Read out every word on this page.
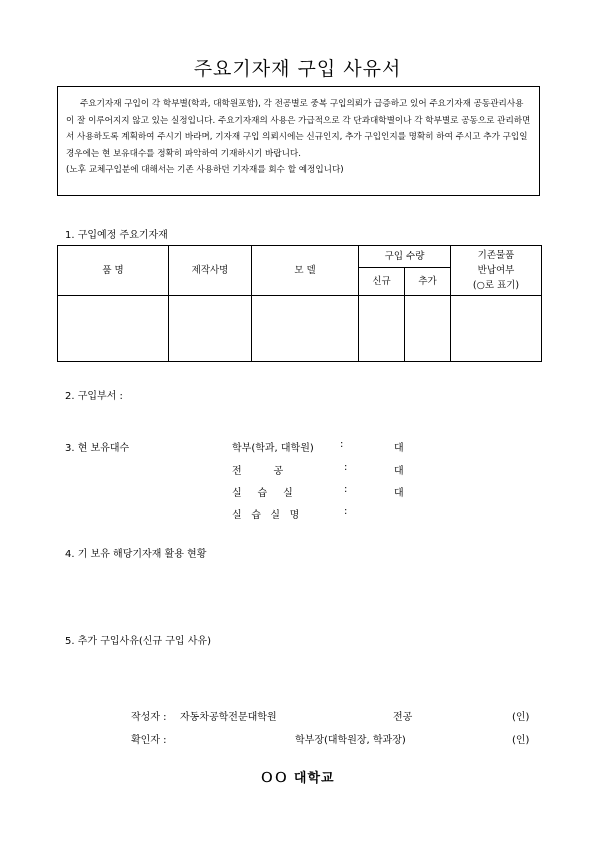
주요기자재 구입 사유서

주요기자재 구입이 각 학부별(학과, 대학원포함), 각 전공별로 중복 구입의뢰가 급증하고 있어 주요기자재 공동관리사용이 잘 이루어지지 않고 있는 실정입니다. 주요기자재의 사용은 가급적으로 각 단과대학별이나 각 학부별로 공동으로 관리하면서 사용하도록 계획하여 주시기 바라며, 기자재 구입 의뢰시에는 신규인지, 추가 구입인지를 명확히 하여 주시고 추가 구입일 경우에는 현 보유대수를 정확히 파악하여 기재하시기 바랍니다.

(노후 교체구입분에 대해서는 기존 사용하던 기자재를 회수 할 예정입니다)

1. 구입예정 주요기자재
품 명	제작사명	모 델	구입 수량		기존물품
반납여부
(○로 표기)

			신규	추가	

2. 구입부서 :
3. 현 보유대수	학부(학과, 대학원)	:	대
전          공	:	대
실     습     실	:	대
실   습   실   명	:
4. 기 보유 해당기자재 활용 현황
5. 추가 구입사유(신규 구입 사유)
작성자 : 자동차공학전문대학원	전공	(인)
확인자 :	학부장(대학원장, 학과장)	(인)
ＯＯ 대학교
